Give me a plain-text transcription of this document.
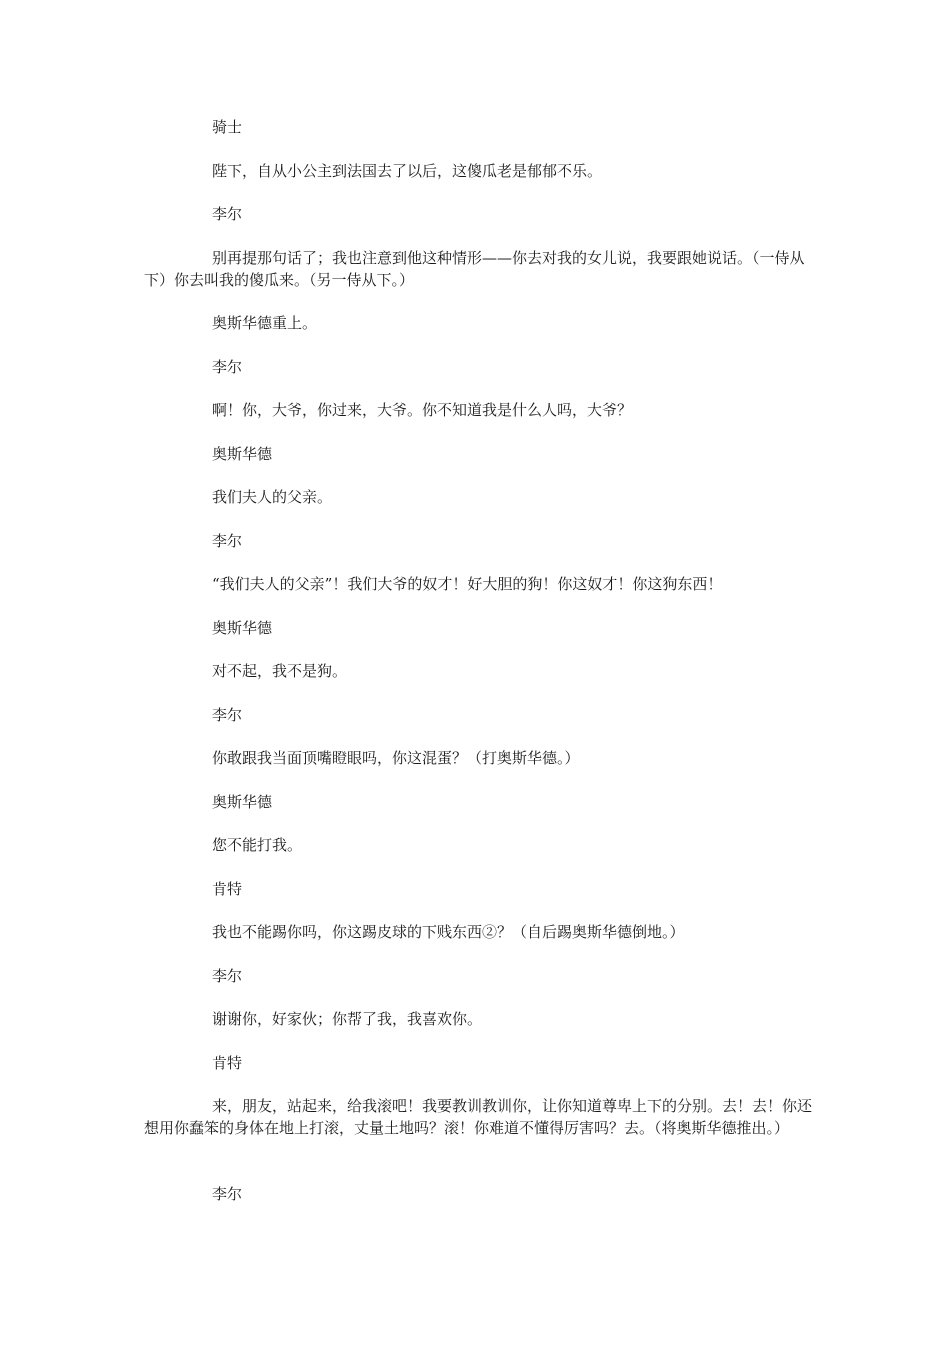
骑士

陛下，自从小公主到法国去了以后，这傻瓜老是郁郁不乐。

李尔

别再提那句话了；我也注意到他这种情形——你去对我的女儿说，我要跟她说话。（一侍从下）你去叫我的傻瓜来。（另一侍从下。）

奥斯华德重上。

李尔

啊！你，大爷，你过来，大爷。你不知道我是什么人吗，大爷？

奥斯华德

我们夫人的父亲。

李尔

“我们夫人的父亲”！我们大爷的奴才！好大胆的狗！你这奴才！你这狗东西！

奥斯华德

对不起，我不是狗。

李尔

你敢跟我当面顶嘴瞪眼吗，你这混蛋？（打奥斯华德。）

奥斯华德

您不能打我。

肯特

我也不能踢你吗，你这踢皮球的下贱东西②？（自后踢奥斯华德倒地。）

李尔

谢谢你，好家伙；你帮了我，我喜欢你。

肯特

来，朋友，站起来，给我滚吧！我要教训教训你，让你知道尊卑上下的分别。去！去！你还想用你蠢笨的身体在地上打滚，丈量土地吗？滚！你难道不懂得厉害吗？去。（将奥斯华德推出。）

李尔
